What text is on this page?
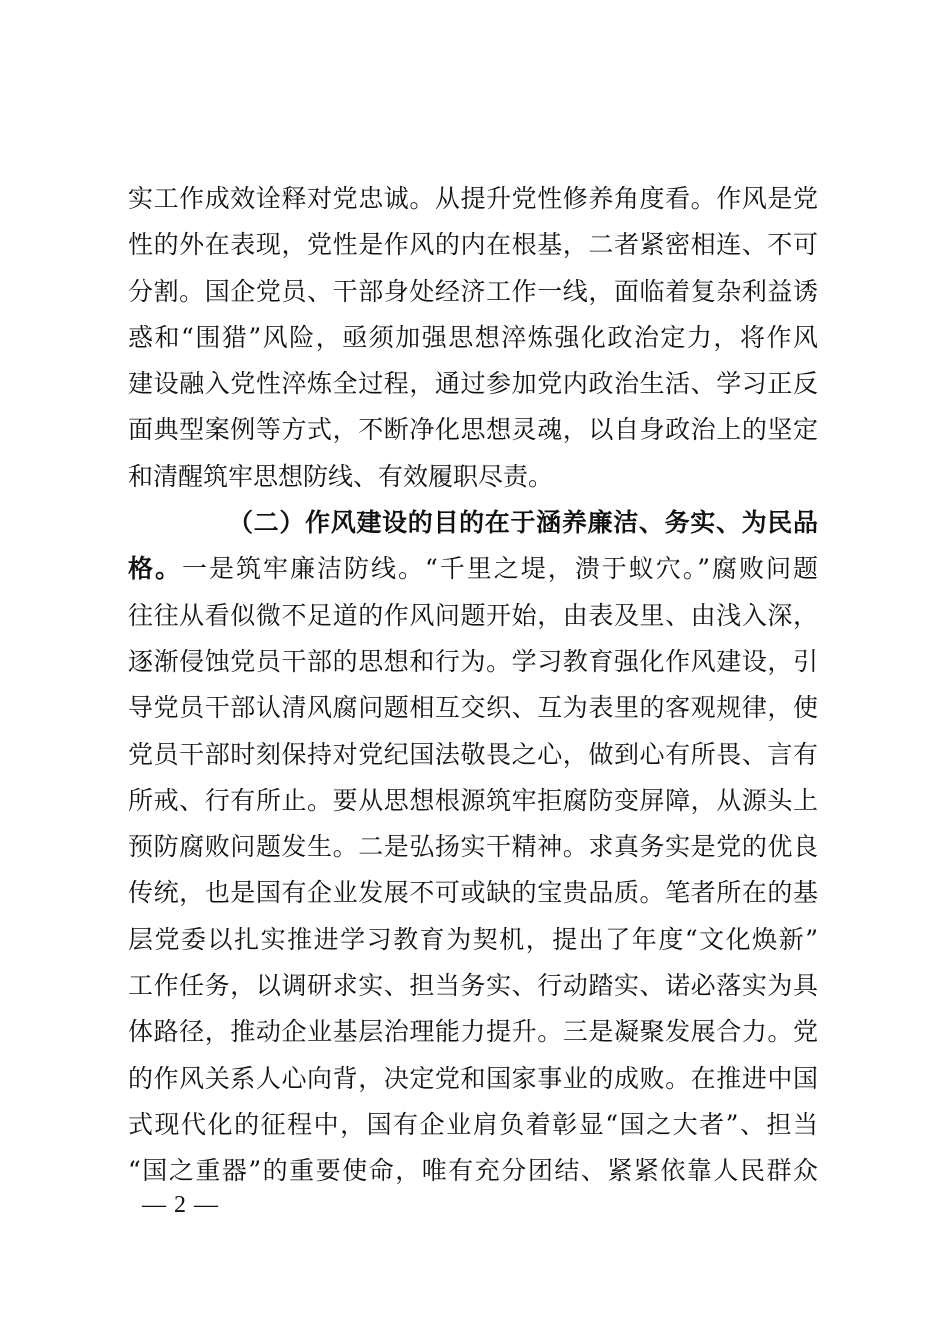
实工作成效诠释对党忠诚。从提升党性修养角度看。作风是党
性的外在表现，党性是作风的内在根基，二者紧密相连、不可
分割。国企党员、干部身处经济工作一线，面临着复杂利益诱
惑和“围猎”风险，亟须加强思想淬炼强化政治定力，将作风
建设融入党性淬炼全过程，通过参加党内政治生活、学习正反
面典型案例等方式，不断净化思想灵魂，以自身政治上的坚定
和清醒筑牢思想防线、有效履职尽责。
（二）作风建设的目的在于涵养廉洁、务实、为民品
格。一是筑牢廉洁防线。“千里之堤，溃于蚁穴。”腐败问题
往往从看似微不足道的作风问题开始，由表及里、由浅入深，
逐渐侵蚀党员干部的思想和行为。学习教育强化作风建设，引
导党员干部认清风腐问题相互交织、互为表里的客观规律，使
党员干部时刻保持对党纪国法敬畏之心，做到心有所畏、言有
所戒、行有所止。要从思想根源筑牢拒腐防变屏障，从源头上
预防腐败问题发生。二是弘扬实干精神。求真务实是党的优良
传统，也是国有企业发展不可或缺的宝贵品质。笔者所在的基
层党委以扎实推进学习教育为契机，提出了年度“文化焕新”
工作任务，以调研求实、担当务实、行动踏实、诺必落实为具
体路径，推动企业基层治理能力提升。三是凝聚发展合力。党
的作风关系人心向背，决定党和国家事业的成败。在推进中国
式现代化的征程中，国有企业肩负着彰显“国之大者”、担当
“国之重器”的重要使命，唯有充分团结、紧紧依靠人民群众
— 2 —
